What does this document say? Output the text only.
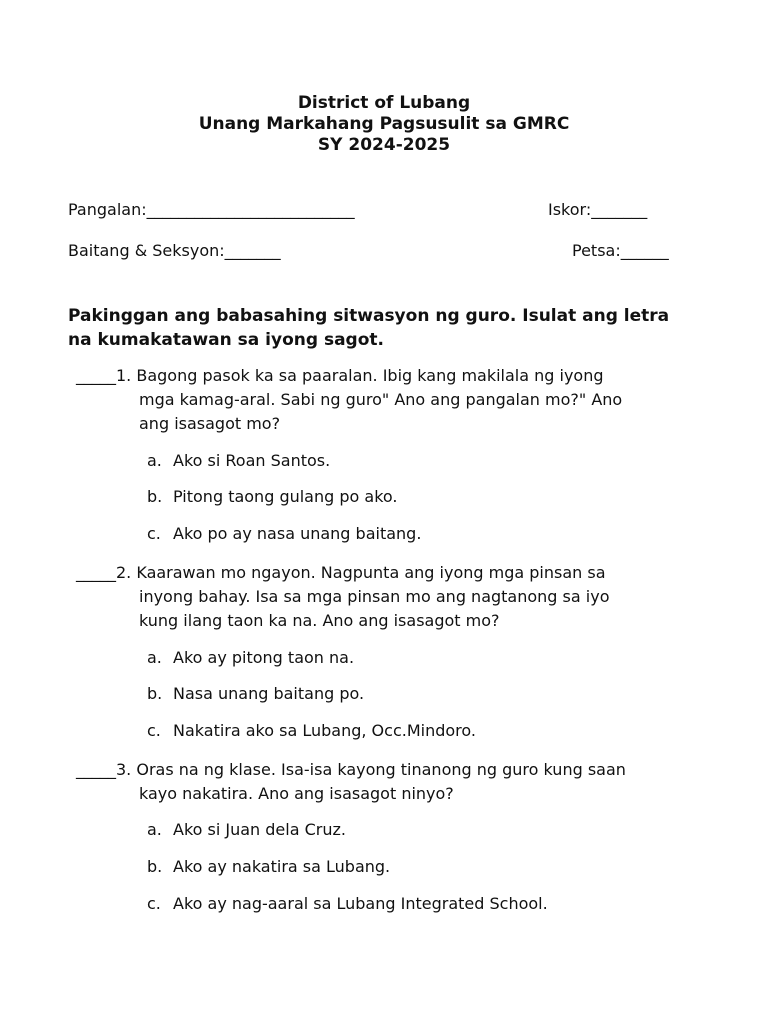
District of Lubang
Unang Markahang Pagsusulit sa GMRC
SY 2024-2025
Pangalan:__________________________	Iskor:_______
Baitang & Seksyon:_______	Petsa:______
Pakinggan ang babasahing sitwasyon ng guro. Isulat ang letra
na kumakatawan sa iyong sagot.
_____1. Bagong pasok ka sa paaralan. Ibig kang makilala ng iyong
mga kamag-aral. Sabi ng guro" Ano ang pangalan mo?" Ano
ang isasagot mo?
a. Ako si Roan Santos.
b. Pitong taong gulang po ako.
c. Ako po ay nasa unang baitang.
_____2. Kaarawan mo ngayon. Nagpunta ang iyong mga pinsan sa
inyong bahay. Isa sa mga pinsan mo ang nagtanong sa iyo
kung ilang taon ka na. Ano ang isasagot mo?
a. Ako ay pitong taon na.
b. Nasa unang baitang po.
c. Nakatira ako sa Lubang, Occ.Mindoro.
_____3. Oras na ng klase. Isa-isa kayong tinanong ng guro kung saan
kayo nakatira. Ano ang isasagot ninyo?
a. Ako si Juan dela Cruz.
b. Ako ay nakatira sa Lubang.
c. Ako ay nag-aaral sa Lubang Integrated School.
